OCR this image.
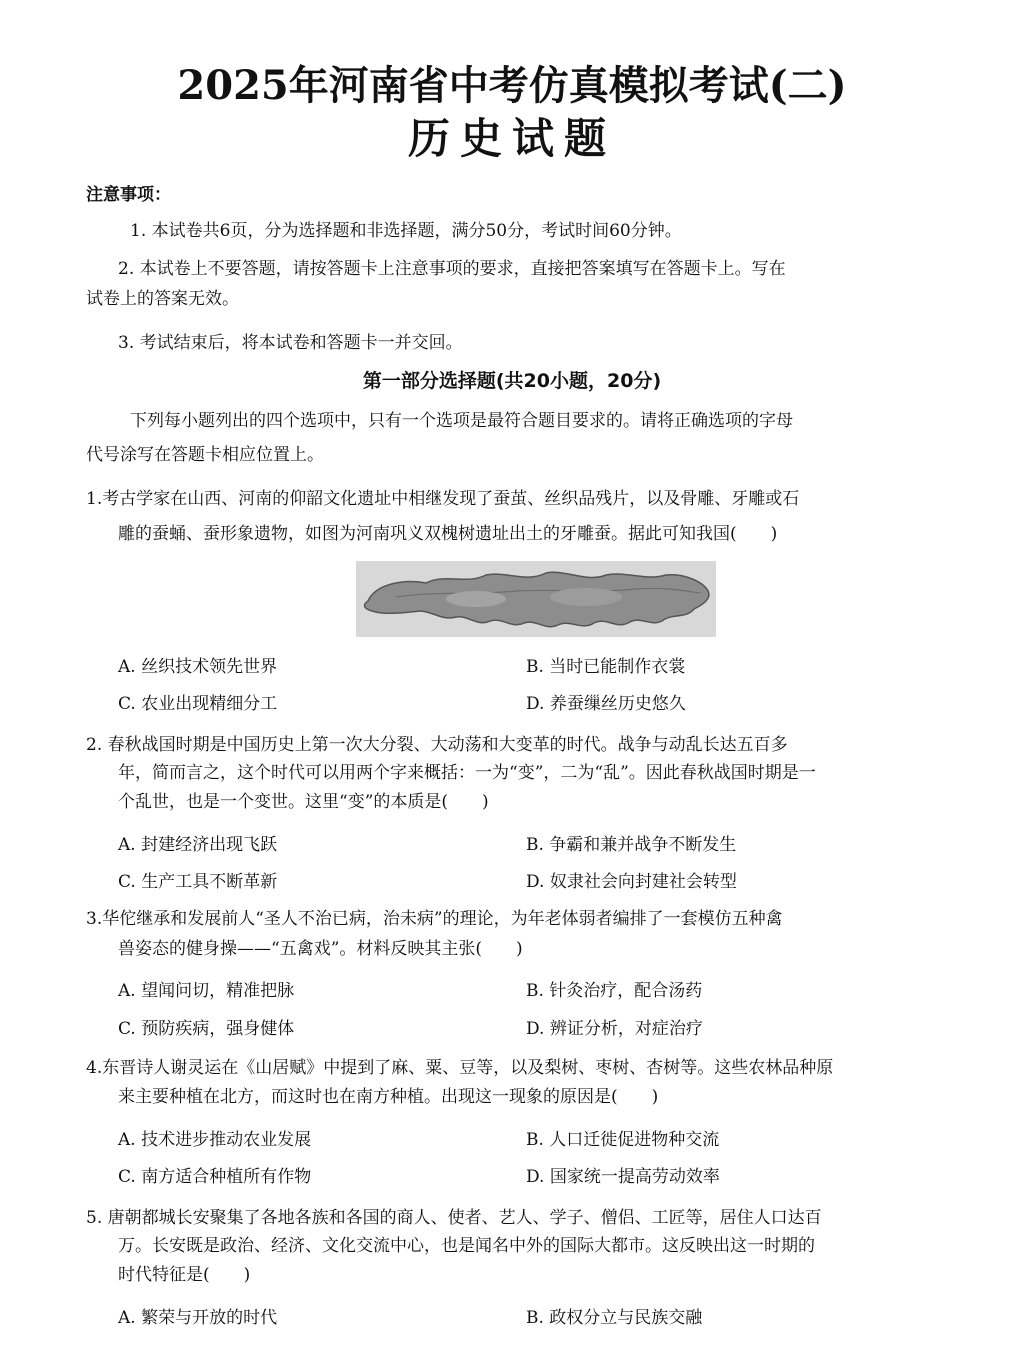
2025年河南省中考仿真模拟考试(二)
历史试题
注意事项：
1. 本试卷共6页，分为选择题和非选择题，满分50分，考试时间60分钟。
2. 本试卷上不要答题，请按答题卡上注意事项的要求，直接把答案填写在答题卡上。写在
试卷上的答案无效。
3. 考试结束后，将本试卷和答题卡一并交回。
第一部分选择题(共20小题，20分)
下列每小题列出的四个选项中，只有一个选项是最符合题目要求的。请将正确选项的字母
代号涂写在答题卡相应位置上。
1.考古学家在山西、河南的仰韶文化遗址中相继发现了蚕茧、丝织品残片，以及骨雕、牙雕或石
雕的蚕蛹、蚕形象遗物，如图为河南巩义双槐树遗址出土的牙雕蚕。据此可知我国(　　)
A. 丝织技术领先世界	B. 当时已能制作衣裳
C. 农业出现精细分工	D. 养蚕缫丝历史悠久
2. 春秋战国时期是中国历史上第一次大分裂、大动荡和大变革的时代。战争与动乱长达五百多
年，简而言之，这个时代可以用两个字来概括：一为“变”，二为“乱”。因此春秋战国时期是一
个乱世，也是一个变世。这里“变”的本质是(　　)
A. 封建经济出现飞跃	B. 争霸和兼并战争不断发生
C. 生产工具不断革新	D. 奴隶社会向封建社会转型
3.华佗继承和发展前人“圣人不治已病，治未病”的理论，为年老体弱者编排了一套模仿五种禽
兽姿态的健身操——“五禽戏”。材料反映其主张(　　)
A. 望闻问切，精准把脉	B. 针灸治疗，配合汤药
C. 预防疾病，强身健体	D. 辨证分析，对症治疗
4.东晋诗人谢灵运在《山居赋》中提到了麻、粟、豆等，以及梨树、枣树、杏树等。这些农林品种原
来主要种植在北方，而这时也在南方种植。出现这一现象的原因是(　　)
A. 技术进步推动农业发展	B. 人口迁徙促进物种交流
C. 南方适合种植所有作物	D. 国家统一提高劳动效率
5. 唐朝都城长安聚集了各地各族和各国的商人、使者、艺人、学子、僧侣、工匠等，居住人口达百
万。长安既是政治、经济、文化交流中心，也是闻名中外的国际大都市。这反映出这一时期的
时代特征是(　　)
A. 繁荣与开放的时代	B. 政权分立与民族交融
